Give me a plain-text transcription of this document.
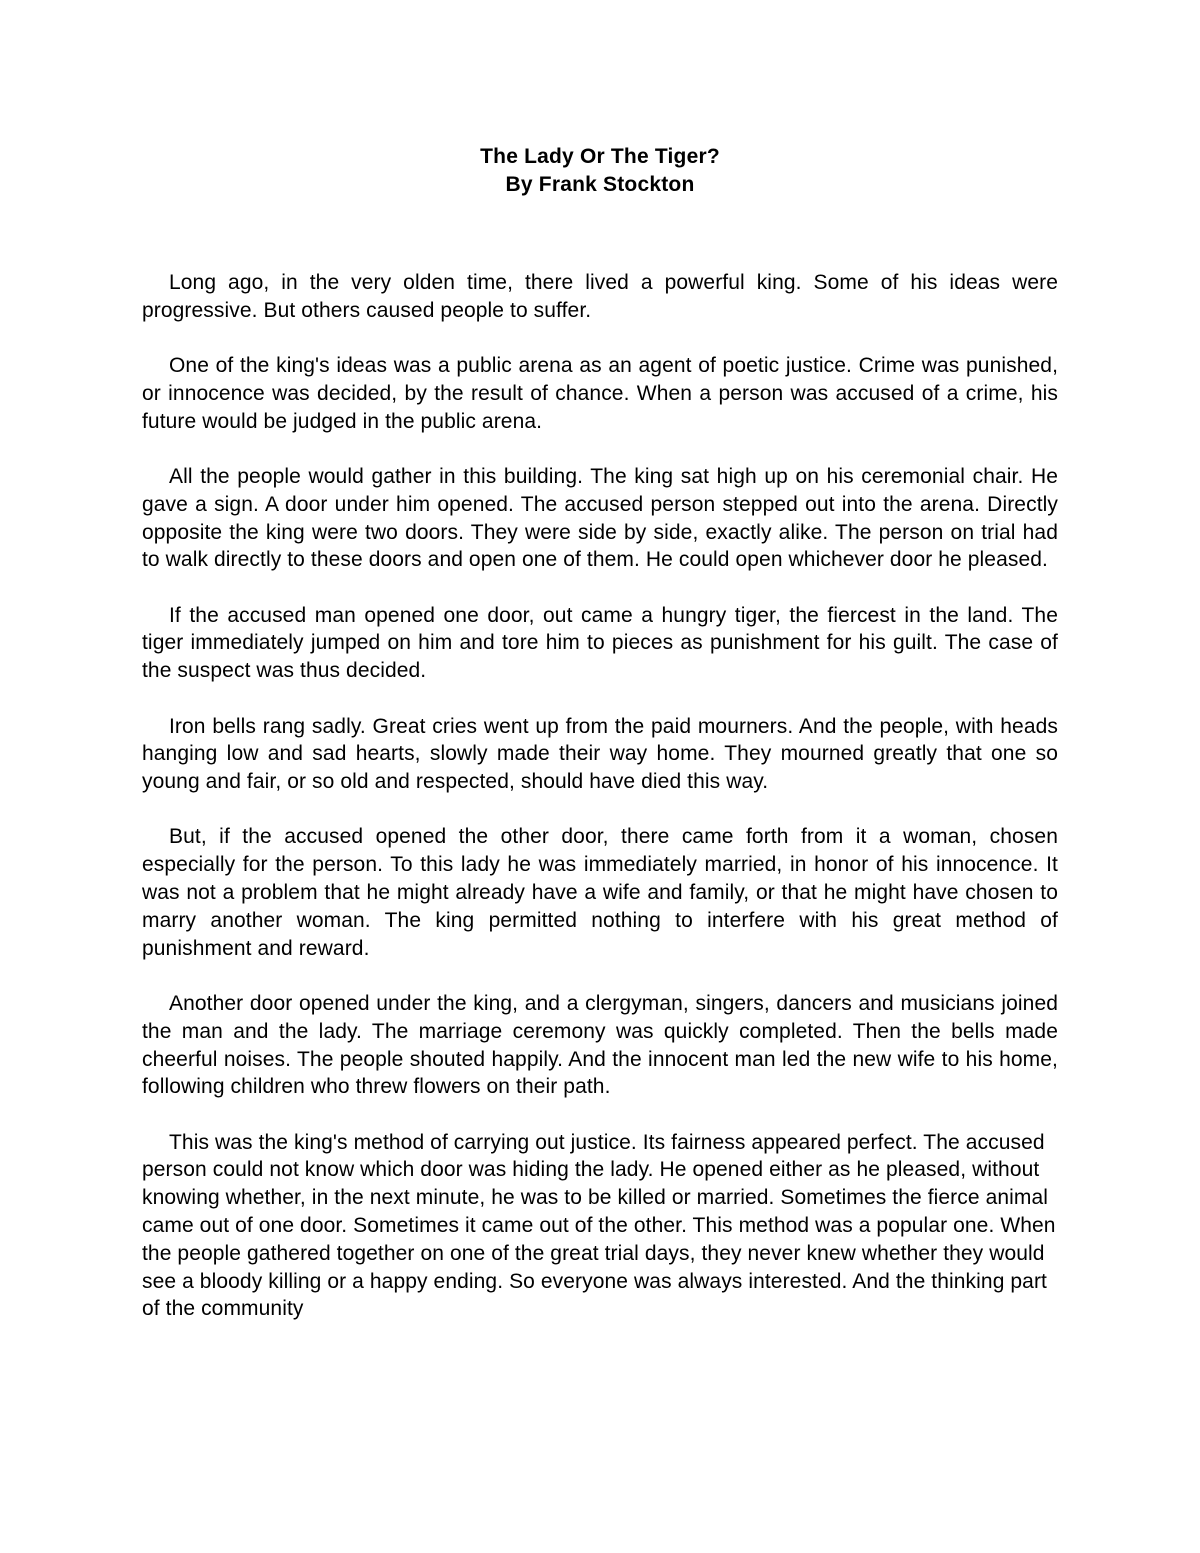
The Lady Or The Tiger?
By Frank Stockton

Long ago, in the very olden time, there lived a powerful king. Some of his ideas were progressive. But others caused people to suffer.

One of the king's ideas was a public arena as an agent of poetic justice. Crime was punished, or innocence was decided, by the result of chance. When a person was accused of a crime, his future would be judged in the public arena.

All the people would gather in this building. The king sat high up on his ceremonial chair. He gave a sign. A door under him opened. The accused person stepped out into the arena. Directly opposite the king were two doors. They were side by side, exactly alike. The person on trial had to walk directly to these doors and open one of them. He could open whichever door he pleased.

If the accused man opened one door, out came a hungry tiger, the fiercest in the land. The tiger immediately jumped on him and tore him to pieces as punishment for his guilt. The case of the suspect was thus decided.

Iron bells rang sadly. Great cries went up from the paid mourners. And the people, with heads hanging low and sad hearts, slowly made their way home. They mourned greatly that one so young and fair, or so old and respected, should have died this way.

But, if the accused opened the other door, there came forth from it a woman, chosen especially for the person. To this lady he was immediately married, in honor of his innocence. It was not a problem that he might already have a wife and family, or that he might have chosen to marry another woman. The king permitted nothing to interfere with his great method of punishment and reward.

Another door opened under the king, and a clergyman, singers, dancers and musicians joined the man and the lady. The marriage ceremony was quickly completed. Then the bells made cheerful noises. The people shouted happily. And the innocent man led the new wife to his home, following children who threw flowers on their path.

This was the king's method of carrying out justice. Its fairness appeared perfect. The accused person could not know which door was hiding the lady. He opened either as he pleased, without knowing whether, in the next minute, he was to be killed or married. Sometimes the fierce animal came out of one door. Sometimes it came out of the other. This method was a popular one. When the people gathered together on one of the great trial days, they never knew whether they would see a bloody killing or a happy ending. So everyone was always interested. And the thinking part of the community
